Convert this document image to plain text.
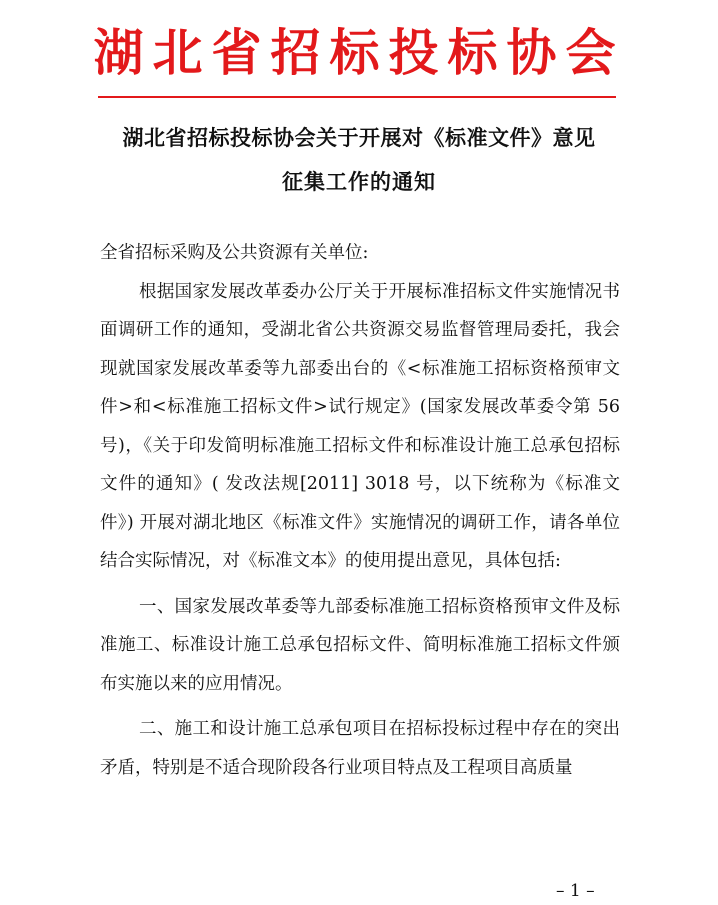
湖北省招标投标协会
湖北省招标投标协会关于开展对《标准文件》意见
征集工作的通知

全省招标采购及公共资源有关单位:

根据国家发展改革委办公厅关于开展标准招标文件实施情况书面调研工作的通知，受湖北省公共资源交易监督管理局委托，我会现就国家发展改革委等九部委出台的《<标准施工招标资格预审文件>和<标准施工招标文件>试行规定》(国家发展改革委令第 56 号)，《关于印发简明标准施工招标文件和标准设计施工总承包招标文件的通知》( 发改法规[2011] 3018 号，以下统称为《标准文件》) 开展对湖北地区《标准文件》实施情况的调研工作，请各单位结合实际情况，对《标准文本》的使用提出意见，具体包括:

一、国家发展改革委等九部委标准施工招标资格预审文件及标准施工、标准设计施工总承包招标文件、简明标准施工招标文件颁布实施以来的应用情况。

二、施工和设计施工总承包项目在招标投标过程中存在的突出矛盾，特别是不适合现阶段各行业项目特点及工程项目高质量

– 1 –
